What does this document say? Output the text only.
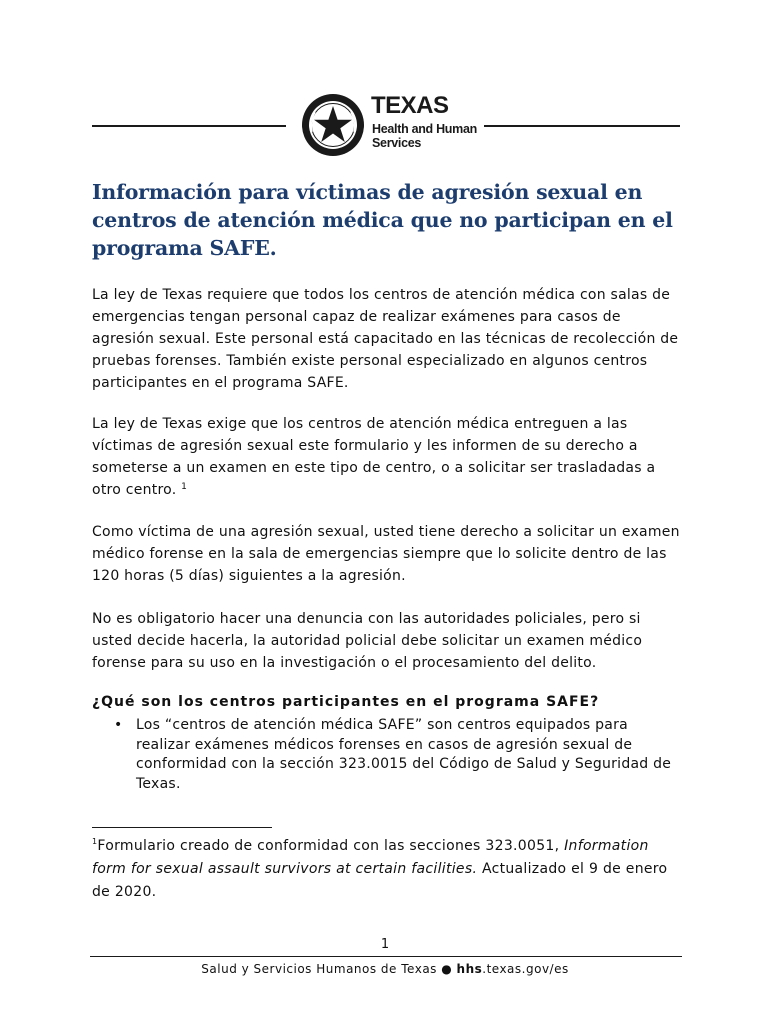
TEXAS
Health and Human
Services
Información para víctimas de agresión sexual en centros de atención médica que no participan en el programa SAFE.

La ley de Texas requiere que todos los centros de atención médica con salas de emergencias tengan personal capaz de realizar exámenes para casos de agresión sexual. Este personal está capacitado en las técnicas de recolección de pruebas forenses. También existe personal especializado en algunos centros participantes en el programa SAFE.

La ley de Texas exige que los centros de atención médica entreguen a las víctimas de agresión sexual este formulario y les informen de su derecho a someterse a un examen en este tipo de centro, o a solicitar ser trasladadas a otro centro. $^1$

Como víctima de una agresión sexual, usted tiene derecho a solicitar un examen médico forense en la sala de emergencias siempre que lo solicite dentro de las 120 horas (5 días) siguientes a la agresión.

No es obligatorio hacer una denuncia con las autoridades policiales, pero si usted decide hacerla, la autoridad policial debe solicitar un examen médico forense para su uso en la investigación o el procesamiento del delito.

¿Qué son los centros participantes en el programa SAFE?
• Los “centros de atención médica SAFE” son centros equipados para realizar exámenes médicos forenses en casos de agresión sexual de conformidad con la sección 323.0015 del Código de Salud y Seguridad de Texas.

$^1$Formulario creado de conformidad con las secciones 323.0051, Information form for sexual assault survivors at certain facilities. Actualizado el 9 de enero de 2020.

1
Salud y Servicios Humanos de Texas ● hhs.texas.gov/es
